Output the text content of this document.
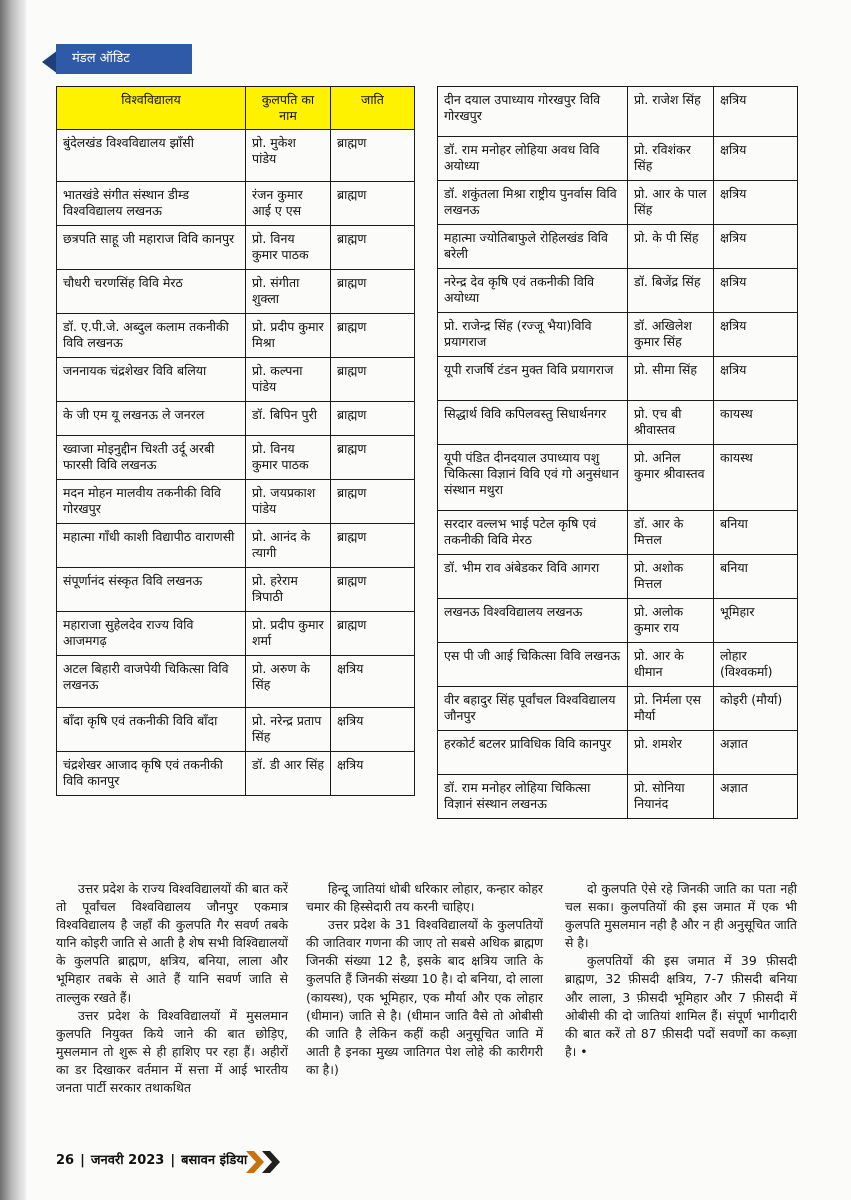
मंडल ऑडिट
विश्वविद्यालय	कुलपति का नाम	जाति
बुंदेलखंड विश्वविद्यालय झाँसी	प्रो. मुकेश पांडेय	ब्राह्मण
भातखंडे संगीत संस्थान डीम्ड विश्वविद्यालय लखनऊ	रंजन कुमार आई ए एस	ब्राह्मण
छत्रपति साहू जी महाराज विवि कानपुर	प्रो. विनय कुमार पाठक	ब्राह्मण
चौधरी चरणसिंह विवि मेरठ	प्रो. संगीता शुक्ला	ब्राह्मण
डॉ. ए.पी.जे. अब्दुल कलाम तकनीकी विवि लखनऊ	प्रो. प्रदीप कुमार मिश्रा	ब्राह्मण
जननायक चंद्रशेखर विवि बलिया	प्रो. कल्पना पांडेय	ब्राह्मण
के जी एम यू लखनऊ ले जनरल	डॉ. बिपिन पुरी	ब्राह्मण
ख्वाजा मोइनुद्दीन चिश्ती उर्दू अरबी फारसी विवि लखनऊ	प्रो. विनय कुमार पाठक	ब्राह्मण
मदन मोहन मालवीय तकनीकी विवि गोरखपुर	प्रो. जयप्रकाश पांडेय	ब्राह्मण
महात्मा गाँधी काशी विद्यापीठ वाराणसी	प्रो. आनंद के त्यागी	ब्राह्मण
संपूर्णानंद संस्कृत विवि लखनऊ	प्रो. हरेराम त्रिपाठी	ब्राह्मण
महाराजा सुहेलदेव राज्य विवि आजमगढ़	प्रो. प्रदीप कुमार शर्मा	ब्राह्मण
अटल बिहारी वाजपेयी चिकित्सा विवि लखनऊ	प्रो. अरुण के सिंह	क्षत्रिय
बाँदा कृषि एवं तकनीकी विवि बाँदा	प्रो. नरेन्द्र प्रताप सिंह	क्षत्रिय
चंद्रशेखर आजाद कृषि एवं तकनीकी विवि कानपुर	डॉ. डी आर सिंह	क्षत्रिय
दीन दयाल उपाध्याय गोरखपुर विवि गोरखपुर	प्रो. राजेश सिंह	क्षत्रिय
डॉ. राम मनोहर लोहिया अवध विवि अयोध्या	प्रो. रविशंकर सिंह	क्षत्रिय
डॉ. शकुंतला मिश्रा राष्ट्रीय पुनर्वास विवि लखनऊ	प्रो. आर के पाल सिंह	क्षत्रिय
महात्मा ज्योतिबाफुले रोहिलखंड विवि बरेली	प्रो. के पी सिंह	क्षत्रिय
नरेन्द्र देव कृषि एवं तकनीकी विवि अयोध्या	डॉ. बिजेंद्र सिंह	क्षत्रिय
प्रो. राजेन्द्र सिंह (रज्जू भैया)विवि प्रयागराज	डॉ. अखिलेश कुमार सिंह	क्षत्रिय
यूपी राजर्षि टंडन मुक्त विवि प्रयागराज	प्रो. सीमा सिंह	क्षत्रिय
सिद्धार्थ विवि कपिलवस्तु सिधार्थनगर	प्रो. एच बी श्रीवास्तव	कायस्थ
यूपी पंडित दीनदयाल उपाध्याय पशु चिकित्सा विज्ञानं विवि एवं गो अनुसंधान संस्थान मथुरा	प्रो. अनिल कुमार श्रीवास्तव	कायस्थ
सरदार वल्लभ भाई पटेल कृषि एवं तकनीकी विवि मेरठ	डॉ. आर के मित्तल	बनिया
डॉ. भीम राव अंबेडकर विवि आगरा	प्रो. अशोक मित्तल	बनिया
लखनऊ विश्वविद्यालय लखनऊ	प्रो. अलोक कुमार राय	भूमिहार
एस पी जी आई चिकित्सा विवि लखनऊ	प्रो. आर के धीमान	लोहार (विश्वकर्मा)
वीर बहादुर सिंह पूर्वांचल विश्वविद्यालय जौनपुर	प्रो. निर्मला एस मौर्या	कोइरी (मौर्या)
हरकोर्ट बटलर प्राविधिक विवि कानपुर	प्रो. शमशेर	अज्ञात
डॉ. राम मनोहर लोहिया चिकित्सा विज्ञानं संस्थान लखनऊ	प्रो. सोनिया नियानंद	अज्ञात

उत्तर प्रदेश के राज्य विश्वविद्यालयों की बात करें तो पूर्वांचल विश्वविद्यालय जौनपुर एकमात्र विश्वविद्यालय है जहाँ की कुलपति गैर सवर्ण तबके यानि कोइरी जाति से आती है शेष सभी विश्विद्यालयों के कुलपति ब्राह्मण, क्षत्रिय, बनिया, लाला और भूमिहार तबके से आते हैं यानि सवर्ण जाति से ताल्लुक रखते हैं।

उत्तर प्रदेश के विश्वविद्यालयों में मुसलमान कुलपति नियुक्त किये जाने की बात छोड़िए, मुसलमान तो शुरू से ही हाशिए पर रहा हैं। अहीरों का डर दिखाकर वर्तमान में सत्ता में आई भारतीय जनता पार्टी सरकार तथाकथित

हिन्दू जातियां धोबी धरिकार लोहार, कन्हार कोहर चमार की हिस्सेदारी तय करनी चाहिए।

उत्तर प्रदेश के 31 विश्वविद्यालयों के कुलपतियों की जातिवार गणना की जाए तो सबसे अधिक ब्राह्मण जिनकी संख्या 12 है, इसके बाद क्षत्रिय जाति के कुलपति हैं जिनकी संख्या 10 है। दो बनिया, दो लाला (कायस्थ), एक भूमिहार, एक मौर्या और एक लोहार (धीमान) जाति से है। (धीमान जाति वैसे तो ओबीसी की जाति है लेकिन कहीं कही अनुसूचित जाति में आती है इनका मुख्य जातिगत पेश लोहे की कारीगरी का है।)

दो कुलपति ऐसे रहे जिनकी जाति का पता नही चल सका। कुलपतियों की इस जमात में एक भी कुलपति मुसलमान नही है और न ही अनुसूचित जाति से है।

कुलपतियों की इस जमात में 39 फ़ीसदी ब्राह्मण, 32 फ़ीसदी क्षत्रिय, 7-7 फ़ीसदी बनिया और लाला, 3 फ़ीसदी भूमिहार और 7 फ़ीसदी में ओबीसी की दो जातियां शामिल हैं। संपूर्ण भागीदारी की बात करें तो 87 फ़ीसदी पदों सवर्णों का कब्ज़ा है। •

26 | जनवरी 2023 | बसावन इंडिया
